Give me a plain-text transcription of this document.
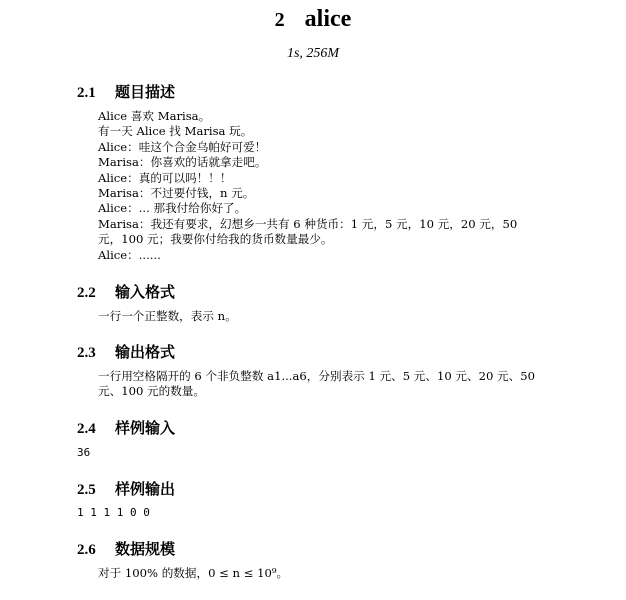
2 alice
1s, 256M
2.1 题目描述
Alice 喜欢 Marisa。
有一天 Alice 找 Marisa 玩。
Alice：哇这个合金乌帕好可爱！
Marisa：你喜欢的话就拿走吧。
Alice：真的可以吗！！！
Marisa：不过要付钱，n 元。
Alice：... 那我付给你好了。
Marisa：我还有要求，幻想乡一共有 6 种货币：1 元，5 元，10 元，20 元，50 元，100 元；我要你付给我的货币数量最少。
Alice：......
2.2 输入格式
一行一个正整数，表示 n。
2.3 输出格式
一行用空格隔开的 6 个非负整数 a1...a6，分别表示 1 元、5 元、10 元、20 元、50 元、100 元的数量。
2.4 样例输入
36
2.5 样例输出
1 1 1 1 0 0
2.6 数据规模
对于 100% 的数据，0 ≤ n ≤ 10⁹。
